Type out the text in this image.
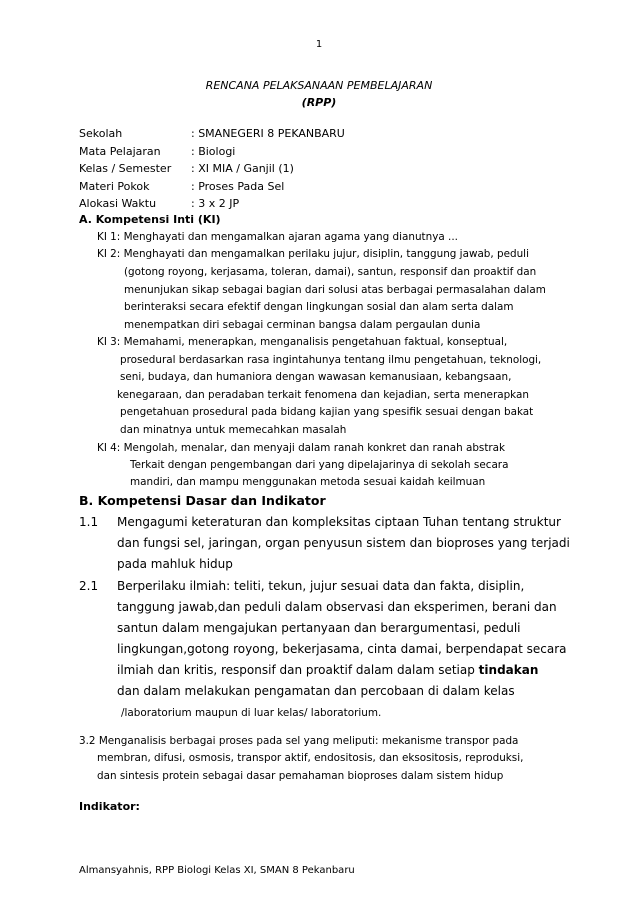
1
RENCANA PELAKSANAAN PEMBELAJARAN
(RPP)
Sekolah	: SMANEGERI 8 PEKANBARU
Mata Pelajaran	: Biologi
Kelas / Semester : XI MIA / Ganjil (1)
Materi Pokok	: Proses Pada Sel
Alokasi Waktu	: 3 x 2 JP
A. Kompetensi Inti (KI)
KI 1: Menghayati dan mengamalkan ajaran agama yang dianutnya ...
KI 2: Menghayati dan mengamalkan perilaku jujur, disiplin, tanggung jawab, peduli
(gotong royong, kerjasama, toleran, damai), santun, responsif dan proaktif dan
menunjukan sikap sebagai bagian dari solusi atas berbagai permasalahan dalam
berinteraksi secara efektif dengan lingkungan sosial dan alam serta dalam
menempatkan diri sebagai cerminan bangsa dalam pergaulan dunia
KI 3: Memahami, menerapkan, menganalisis pengetahuan faktual, konseptual,
prosedural berdasarkan rasa ingintahunya tentang ilmu pengetahuan, teknologi,
seni, budaya, dan humaniora dengan wawasan kemanusiaan, kebangsaan,
kenegaraan, dan peradaban terkait fenomena dan kejadian, serta menerapkan
pengetahuan prosedural pada bidang kajian yang spesifik sesuai dengan bakat
dan minatnya untuk memecahkan masalah
KI 4: Mengolah, menalar, dan menyaji dalam ranah konkret dan ranah abstrak
Terkait dengan pengembangan dari yang dipelajarinya di sekolah secara
mandiri, dan mampu menggunakan metoda sesuai kaidah keilmuan
B. Kompetensi Dasar dan Indikator
1.1 Mengagumi keteraturan dan kompleksitas ciptaan Tuhan tentang struktur
dan fungsi sel, jaringan, organ penyusun sistem dan bioproses yang terjadi
pada mahluk hidup
2.1 Berperilaku ilmiah: teliti, tekun, jujur sesuai data dan fakta, disiplin,
tanggung jawab,dan peduli dalam observasi dan eksperimen, berani dan
santun dalam mengajukan pertanyaan dan berargumentasi, peduli
lingkungan,gotong royong, bekerjasama, cinta damai, berpendapat secara
ilmiah dan kritis, responsif dan proaktif dalam dalam setiap tindakan
dan dalam melakukan pengamatan dan percobaan di dalam kelas
/laboratorium maupun di luar kelas/ laboratorium.
3.2 Menganalisis berbagai proses pada sel yang meliputi: mekanisme transpor pada
membran, difusi, osmosis, transpor aktif, endositosis, dan eksositosis, reproduksi,
dan sintesis protein sebagai dasar pemahaman bioproses dalam sistem hidup
Indikator:
Almansyahnis, RPP Biologi Kelas XI, SMAN 8 Pekanbaru
